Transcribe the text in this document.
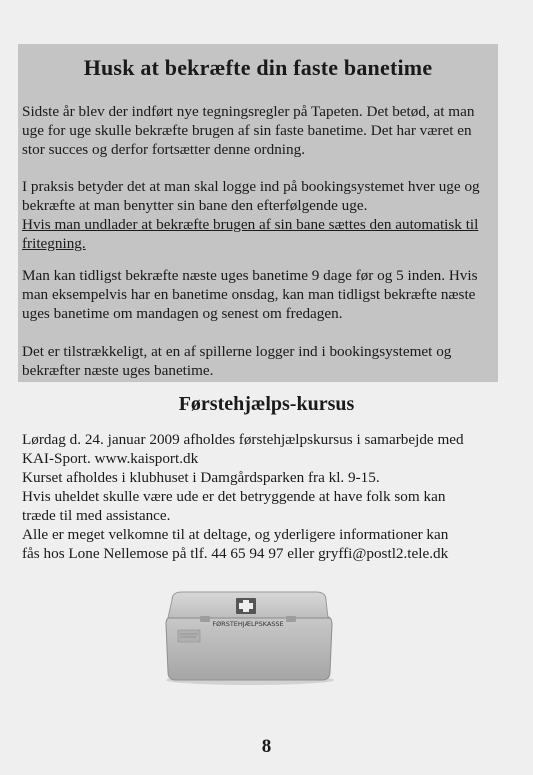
Husk at bekræfte din faste banetime

Sidste år blev der indført nye tegningsregler på Tapeten. Det betød, at man uge for uge skulle bekræfte brugen af sin faste banetime. Det har været en stor succes og derfor fortsætter denne ordning.

I praksis betyder det at man skal logge ind på bookingsystemet hver uge og bekræfte at man benytter sin bane den efterfølgende uge.
Hvis man undlader at bekræfte brugen af sin bane sættes den automatisk til fritegning.

Man kan tidligst bekræfte næste uges banetime 9 dage før og 5 inden. Hvis man eksempelvis har en banetime onsdag, kan man tidligst bekræfte næste uges banetime om mandagen og senest om fredagen.

Det er tilstrækkeligt, at en af spillerne logger ind i bookingsystemet og bekræfter næste uges banetime.

Førstehjælps-kursus
Lørdag d. 24. januar 2009 afholdes førstehjælpskursus i samarbejde med
KAI-Sport. www.kaisport.dk
Kurset afholdes i klubhuset i Damgårdsparken fra kl. 9-15.
Hvis uheldet skulle være ude er det betryggende at have folk som kan
træde til med assistance.
Alle er meget velkomne til at deltage, og yderligere informationer kan
fås hos Lone Nellemose på tlf. 44 65 94 97 eller gryffi@postl2.tele.dk
FØRSTEHJÆLPSKASSE
8
